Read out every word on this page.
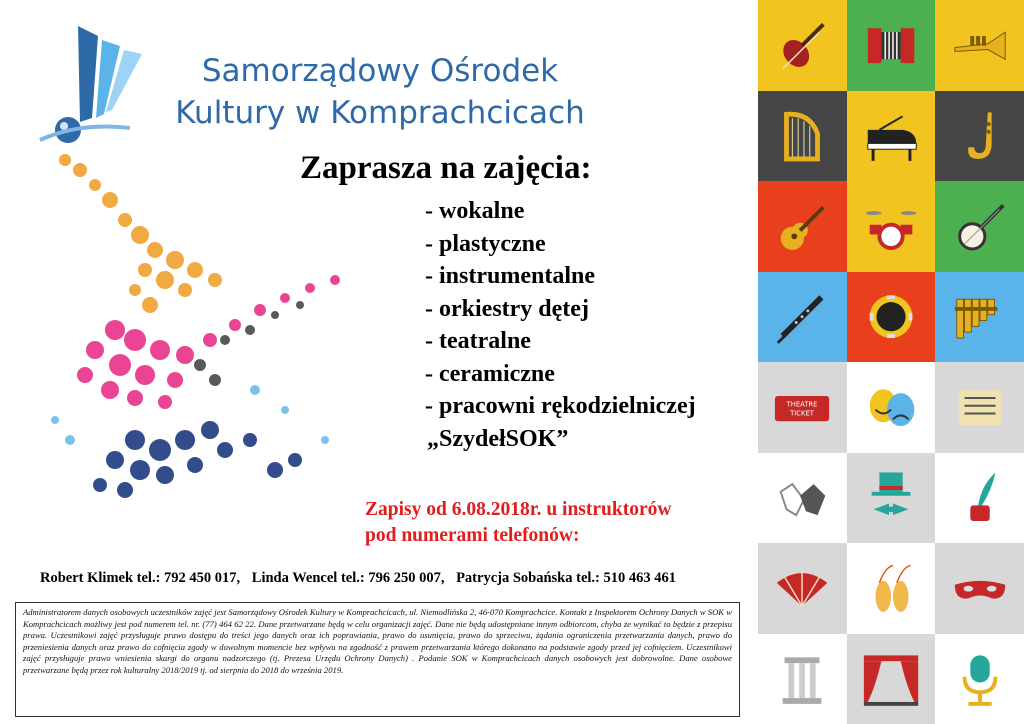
Samorządowy Ośrodek
Kultury w Komprachcicach
Zaprasza na zajęcia:
- wokalne
- plastyczne
- instrumentalne
- orkiestry dętej
- teatralne
- ceramiczne
- pracowni rękodzielniczej
„SzydełSOK”
Zapisy od 6.08.2018r. u instruktorów
pod numerami telefonów:
Robert Klimek tel.: 792 450 017, Linda Wencel tel.: 796 250 007, Patrycja Sobańska tel.: 510 463 461
Administratorem danych osobowych uczestników zajęć jest Samorządowy Ośrodek Kultury w Komprachcicach, ul. Niemodlińska 2, 46-070 Komprachcice. Kontakt z Inspektorem Ochrony Danych w SOK w Komprachcicach możliwy jest pod numerem tel. nr. (77) 464 62 22. Dane przetwarzane będą w celu organizacji zajęć. Dane nie będą udostępniane innym odbiorcom, chyba że wynikać to będzie z przepisu prawa. Uczestnikowi zajęć przysługuje prawo dostępu do treści jego danych oraz ich poprawiania, prawo do usunięcia, prawo do sprzeciwu, żądania ograniczenia przetwarzania danych, prawo do przeniesienia danych oraz prawo do cofnięcia zgody w dowolnym momencie bez wpływu na zgodność z prawem przetwarzania którego dokonano na podstawie zgody przed jej cofnięciem. Uczestnikowi zajęć przysługuje prawo wniesienia skargi do organu nadzorczego (tj. Prezesa Urzędu Ochrony Danych) . Podanie SOK w Komprachcicach danych osobowych jest dobrowolne. Dane osobowe przetwarzane będą przez rok kulturalny 2018/2019 tj. od sierpnia do 2018 do września 2019.
THEATRE
TICKET
